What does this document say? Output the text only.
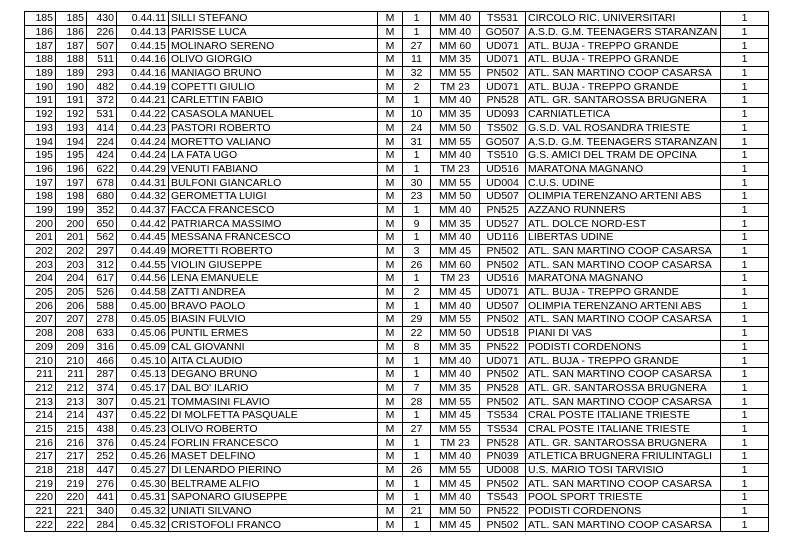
185	185	430	0.44.11	SILLI STEFANO	M	1	MM 40	TS531	CIRCOLO RIC. UNIVERSITARI	1
186	186	226	0.44.13	PARISSE LUCA	M	1	MM 40	GO507	A.S.D. G.M. TEENAGERS STARANZAN	1
187	187	507	0.44.15	MOLINARO SERENO	M	27	MM 60	UD071	ATL. BUJA - TREPPO GRANDE	1
188	188	511	0.44.16	OLIVO GIORGIO	M	11	MM 35	UD071	ATL. BUJA - TREPPO GRANDE	1
189	189	293	0.44.16	MANIAGO BRUNO	M	32	MM 55	PN502	ATL. SAN MARTINO COOP CASARSA	1
190	190	482	0.44.19	COPETTI GIULIO	M	2	TM 23	UD071	ATL. BUJA - TREPPO GRANDE	1
191	191	372	0.44.21	CARLETTIN FABIO	M	1	MM 40	PN528	ATL. GR. SANTAROSSA BRUGNERA	1
192	192	531	0.44.22	CASASOLA MANUEL	M	10	MM 35	UD093	CARNIATLETICA	1
193	193	414	0.44.23	PASTORI ROBERTO	M	24	MM 50	TS502	G.S.D. VAL ROSANDRA TRIESTE	1
194	194	224	0.44.24	MORETTO VALIANO	M	31	MM 55	GO507	A.S.D. G.M. TEENAGERS STARANZAN	1
195	195	424	0.44.24	LA FATA UGO	M	1	MM 40	TS510	G.S. AMICI DEL TRAM DE OPCINA	1
196	196	622	0.44.29	VENUTI FABIANO	M	1	TM 23	UD516	MARATONA MAGNANO	1
197	197	678	0.44.31	BULFONI GIANCARLO	M	30	MM 55	UD004	C.U.S. UDINE	1
198	198	680	0.44.32	GEROMETTA LUIGI	M	23	MM 50	UD507	OLIMPIA TERENZANO ARTENI ABS	1
199	199	352	0.44.37	FACCA FRANCESCO	M	1	MM 40	PN525	AZZANO RUNNERS	1
200	200	650	0.44.42	PATRIARCA MASSIMO	M	9	MM 35	UD527	ATL. DOLCE NORD-EST	1
201	201	562	0.44.45	MESSANA FRANCESCO	M	1	MM 40	UD116	LIBERTAS UDINE	1
202	202	297	0.44.49	MORETTI ROBERTO	M	3	MM 45	PN502	ATL. SAN MARTINO COOP CASARSA	1
203	203	312	0.44.55	VIOLIN GIUSEPPE	M	26	MM 60	PN502	ATL. SAN MARTINO COOP CASARSA	1
204	204	617	0.44.56	LENA EMANUELE	M	1	TM 23	UD516	MARATONA MAGNANO	1
205	205	526	0.44.58	ZATTI ANDREA	M	2	MM 45	UD071	ATL. BUJA - TREPPO GRANDE	1
206	206	588	0.45.00	BRAVO PAOLO	M	1	MM 40	UD507	OLIMPIA TERENZANO ARTENI ABS	1
207	207	278	0.45.05	BIASIN FULVIO	M	29	MM 55	PN502	ATL. SAN MARTINO COOP CASARSA	1
208	208	633	0.45.06	PUNTIL ERMES	M	22	MM 50	UD518	PIANI DI VAS	1
209	209	316	0.45.09	CAL GIOVANNI	M	8	MM 35	PN522	PODISTI CORDENONS	1
210	210	466	0.45.10	AITA CLAUDIO	M	1	MM 40	UD071	ATL. BUJA - TREPPO GRANDE	1
211	211	287	0.45.13	DEGANO BRUNO	M	1	MM 40	PN502	ATL. SAN MARTINO COOP CASARSA	1
212	212	374	0.45.17	DAL BO' ILARIO	M	7	MM 35	PN528	ATL. GR. SANTAROSSA BRUGNERA	1
213	213	307	0.45.21	TOMMASINI FLAVIO	M	28	MM 55	PN502	ATL. SAN MARTINO COOP CASARSA	1
214	214	437	0.45.22	DI MOLFETTA PASQUALE	M	1	MM 45	TS534	CRAL POSTE ITALIANE TRIESTE	1
215	215	438	0.45.23	OLIVO ROBERTO	M	27	MM 55	TS534	CRAL POSTE ITALIANE TRIESTE	1
216	216	376	0.45.24	FORLIN FRANCESCO	M	1	TM 23	PN528	ATL. GR. SANTAROSSA BRUGNERA	1
217	217	252	0.45.26	MASET DELFINO	M	1	MM 40	PN039	ATLETICA BRUGNERA FRIULINTAGLI	1
218	218	447	0.45.27	DI LENARDO PIERINO	M	26	MM 55	UD008	U.S. MARIO TOSI TARVISIO	1
219	219	276	0.45.30	BELTRAME ALFIO	M	1	MM 45	PN502	ATL. SAN MARTINO COOP CASARSA	1
220	220	441	0.45.31	SAPONARO GIUSEPPE	M	1	MM 40	TS543	POOL SPORT TRIESTE	1
221	221	340	0.45.32	UNIATI SILVANO	M	21	MM 50	PN522	PODISTI CORDENONS	1
222	222	284	0.45.32	CRISTOFOLI FRANCO	M	1	MM 45	PN502	ATL. SAN MARTINO COOP CASARSA	1
